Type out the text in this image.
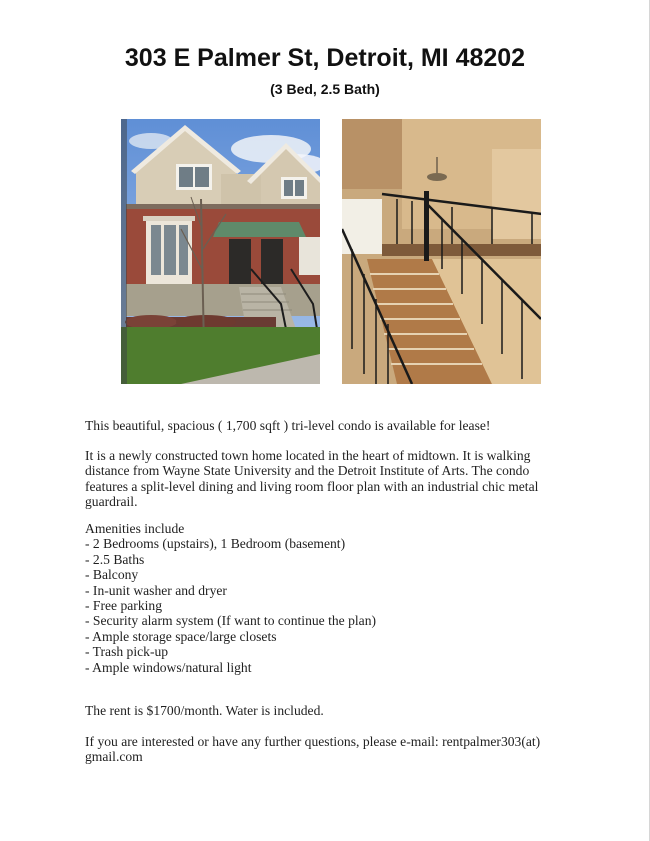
303 E Palmer St, Detroit, MI 48202
(3 Bed, 2.5 Bath)

This beautiful, spacious ( 1,700 sqft ) tri-level condo is available for lease!

It is a newly constructed town home located in the heart of midtown. It is walking

distance from Wayne State University and the Detroit Institute of Arts. The condo

features a split-level dining and living room floor plan with an industrial chic metal

guardrail.

Amenities include

- 2 Bedrooms (upstairs), 1 Bedroom (basement)
- 2.5 Baths
- Balcony
- In-unit washer and dryer
- Free parking
- Security alarm system (If want to continue the plan)
- Ample storage space/large closets
- Trash pick-up
- Ample windows/natural light

The rent is $1700/month. Water is included.

If you are interested or have any further questions, please e-mail: rentpalmer303(at)

gmail.com
